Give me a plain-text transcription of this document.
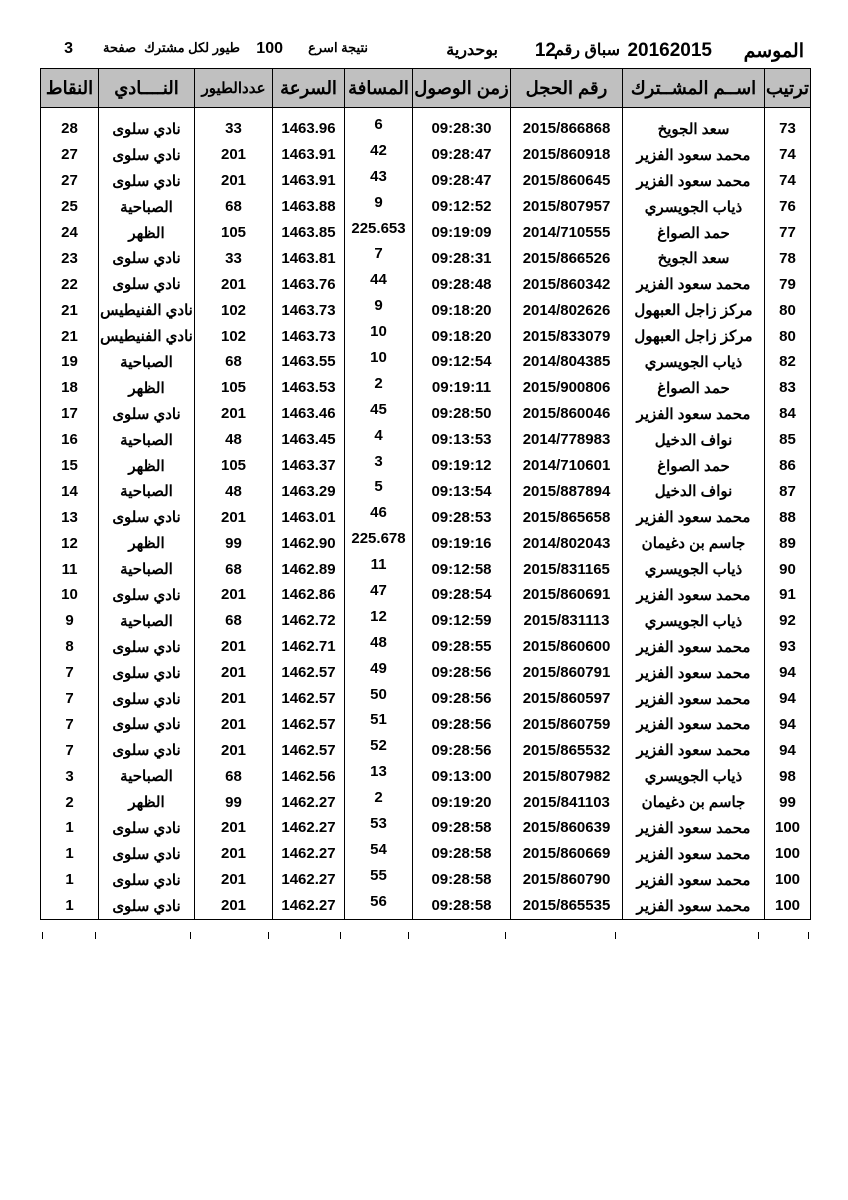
الموسم
20162015
سباق رقم
12
بوحدرية
نتيجة اسرع
100
طيور لكل مشترك
صفحة
3
ترتيب	اســم المشــترك	رقم الحجل	زمن الوصول	المسافة	السرعة	عددالطيور	النــــادي	النقاط

73	سعد الجويخ	2015/866868	09:28:30	6	1463.96	33	نادي سلوى	28
74	محمد سعود الفزير	2015/860918	09:28:47	42	1463.91	201	نادي سلوى	27
74	محمد سعود الفزير	2015/860645	09:28:47	43	1463.91	201	نادي سلوى	27
76	ذياب الجويسري	2015/807957	09:12:52	9	1463.88	68	الصباحية	25
77	حمد الصواغ	2014/710555	09:19:09	225.653	1463.85	105	الظهر	24
78	سعد الجويخ	2015/866526	09:28:31	7	1463.81	33	نادي سلوى	23
79	محمد سعود الفزير	2015/860342	09:28:48	44	1463.76	201	نادي سلوى	22
80	مركز زاجل العبهول	2014/802626	09:18:20	9	1463.73	102	نادي الفنيطيس	21
80	مركز زاجل العبهول	2015/833079	09:18:20	10	1463.73	102	نادي الفنيطيس	21
82	ذياب الجويسري	2014/804385	09:12:54	10	1463.55	68	الصباحية	19
83	حمد الصواغ	2015/900806	09:19:11	2	1463.53	105	الظهر	18
84	محمد سعود الفزير	2015/860046	09:28:50	45	1463.46	201	نادي سلوى	17
85	نواف الدخيل	2014/778983	09:13:53	4	1463.45	48	الصباحية	16
86	حمد الصواغ	2014/710601	09:19:12	3	1463.37	105	الظهر	15
87	نواف الدخيل	2015/887894	09:13:54	5	1463.29	48	الصباحية	14
88	محمد سعود الفزير	2015/865658	09:28:53	46	1463.01	201	نادي سلوى	13
89	جاسم بن دغيمان	2014/802043	09:19:16	225.678	1462.90	99	الظهر	12
90	ذياب الجويسري	2015/831165	09:12:58	11	1462.89	68	الصباحية	11
91	محمد سعود الفزير	2015/860691	09:28:54	47	1462.86	201	نادي سلوى	10
92	ذياب الجويسري	2015/831113	09:12:59	12	1462.72	68	الصباحية	9
93	محمد سعود الفزير	2015/860600	09:28:55	48	1462.71	201	نادي سلوى	8
94	محمد سعود الفزير	2015/860791	09:28:56	49	1462.57	201	نادي سلوى	7
94	محمد سعود الفزير	2015/860597	09:28:56	50	1462.57	201	نادي سلوى	7
94	محمد سعود الفزير	2015/860759	09:28:56	51	1462.57	201	نادي سلوى	7
94	محمد سعود الفزير	2015/865532	09:28:56	52	1462.57	201	نادي سلوى	7
98	ذياب الجويسري	2015/807982	09:13:00	13	1462.56	68	الصباحية	3
99	جاسم بن دغيمان	2015/841103	09:19:20	2	1462.27	99	الظهر	2
100	محمد سعود الفزير	2015/860639	09:28:58	53	1462.27	201	نادي سلوى	1
100	محمد سعود الفزير	2015/860669	09:28:58	54	1462.27	201	نادي سلوى	1
100	محمد سعود الفزير	2015/860790	09:28:58	55	1462.27	201	نادي سلوى	1
100	محمد سعود الفزير	2015/865535	09:28:58	56	1462.27	201	نادي سلوى	1
